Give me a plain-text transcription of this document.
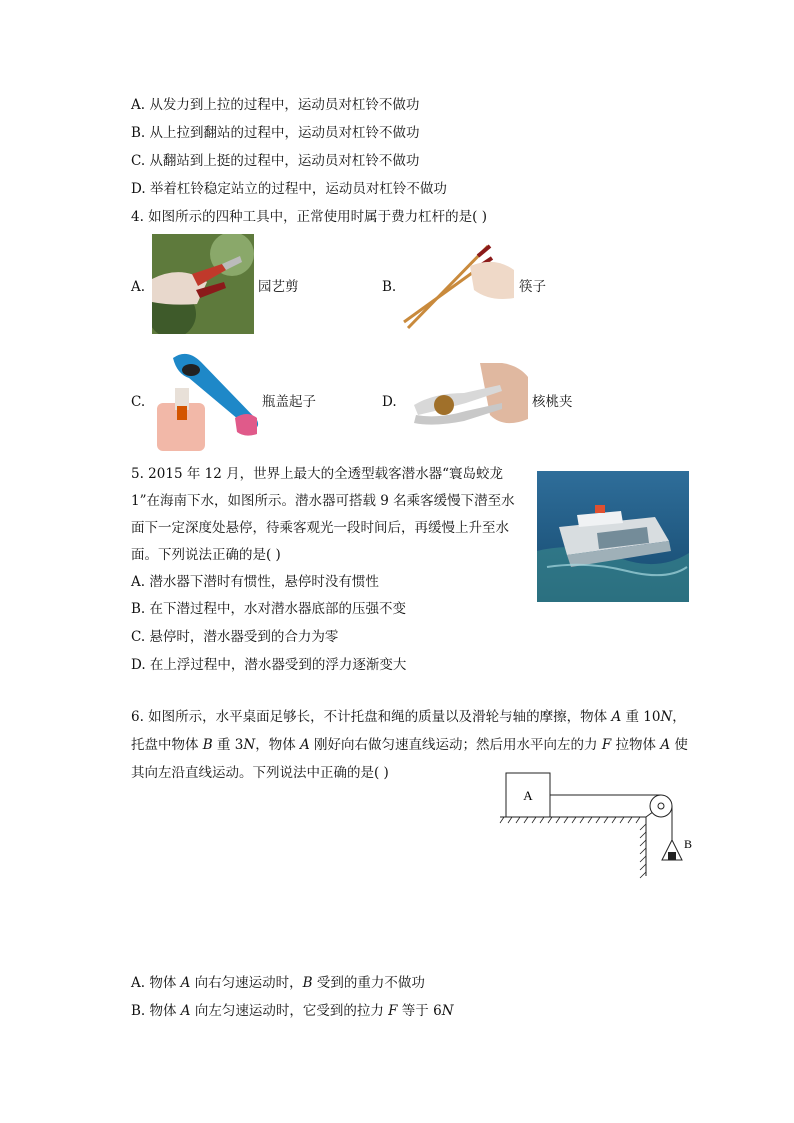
A. 从发力到上拉的过程中，运动员对杠铃不做功
B. 从上拉到翻站的过程中，运动员对杠铃不做功
C. 从翻站到上挺的过程中，运动员对杠铃不做功
D. 举着杠铃稳定站立的过程中，运动员对杠铃不做功
4. 如图所示的四种工具中，正常使用时属于费力杠杆的是( )
A.	园艺剪	B.	筷子
C.	瓶盖起子	D.	核桃夹
5. 2015 年 12 月，世界上最大的全透型载客潜水器“寰岛蛟龙
1”在海南下水，如图所示。潜水器可搭载 9 名乘客缓慢下潜至水
面下一定深度处悬停，待乘客观光一段时间后，再缓慢上升至水
面。下列说法正确的是( )
A. 潜水器下潜时有惯性，悬停时没有惯性
B. 在下潜过程中，水对潜水器底部的压强不变
C. 悬停时，潜水器受到的合力为零
D. 在上浮过程中，潜水器受到的浮力逐渐变大
6. 如图所示，水平桌面足够长，不计托盘和绳的质量以及滑轮与轴的摩擦，物体 A 重 10N，
托盘中物体 B 重 3N，物体 A 刚好向右做匀速直线运动；然后用水平向左的力 F 拉物体 A 使
其向左沿直线运动。下列说法中正确的是( )
A
B
A. 物体 A 向右匀速运动时，B 受到的重力不做功
B. 物体 A 向左匀速运动时，它受到的拉力 F 等于 6N
